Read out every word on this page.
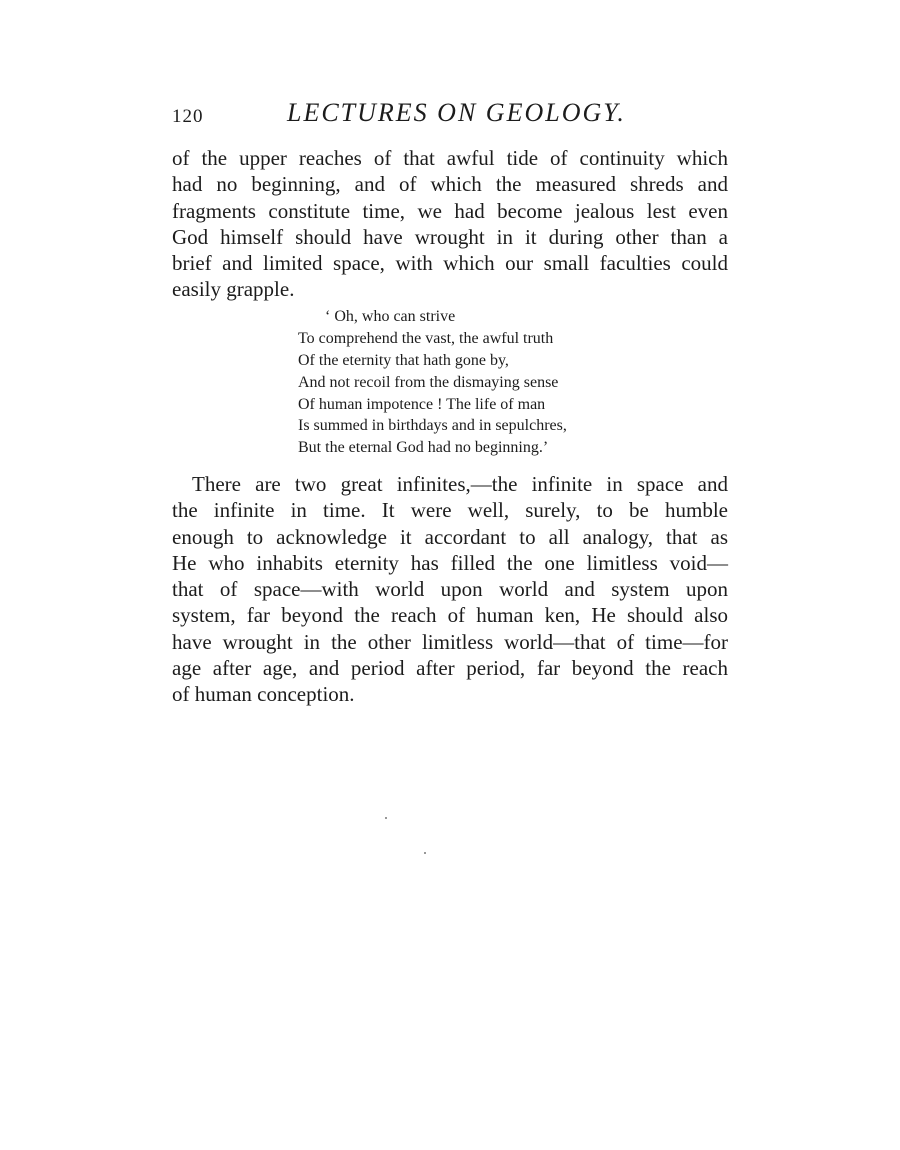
120	LECTURES ON GEOLOGY.
of the upper reaches of that awful tide of continuity which
had no beginning, and of which the measured shreds and
fragments constitute time, we had become jealous lest even
God himself should have wrought in it during other than a
brief and limited space, with which our small faculties could
easily grapple.
‘ Oh, who can strive
To comprehend the vast, the awful truth
Of the eternity that hath gone by,
And not recoil from the dismaying sense
Of human impotence ! The life of man
Is summed in birthdays and in sepulchres,
But the eternal God had no beginning.’
There are two great infinites,—the infinite in space and
the infinite in time. It were well, surely, to be humble
enough to acknowledge it accordant to all analogy, that as
He who inhabits eternity has filled the one limitless void—
that of space—with world upon world and system upon
system, far beyond the reach of human ken, He should also
have wrought in the other limitless world—that of time—for
age after age, and period after period, far beyond the reach
of human conception.
